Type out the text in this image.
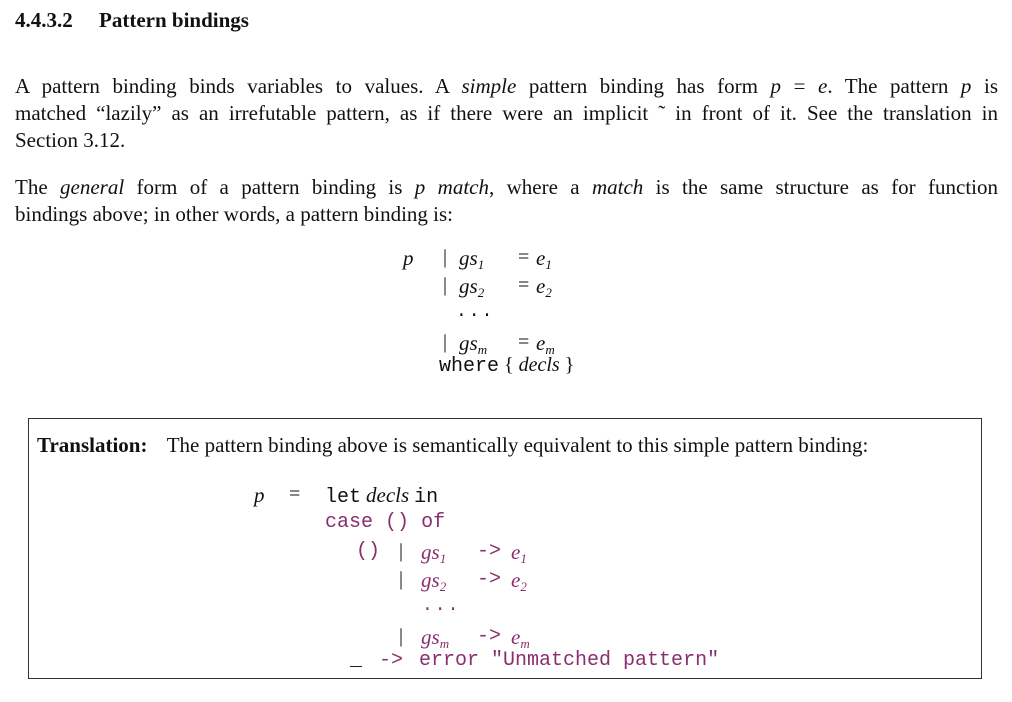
4.4.3.2 Pattern bindings
A pattern binding binds variables to values. A simple pattern binding has form p = e. The pattern p is
matched “lazily” as an irrefutable pattern, as if there were an implicit ˜ in front of it. See the translation in
Section 3.12.
The general form of a pattern binding is p match, where a match is the same structure as for function
bindings above; in other words, a pattern binding is:
p | $gs_1 = e_1$
| $gs_2 = e_2$
...
| $gs_m = e_m$
where { decls }
Translation: The pattern binding above is semantically equivalent to this simple pattern binding:
p = let decls in
case () of
() | $gs_1 -> e_1$
| $gs_2 -> e_2$
...
| $gs_m -> e_m$
_ -> error "Unmatched pattern"
